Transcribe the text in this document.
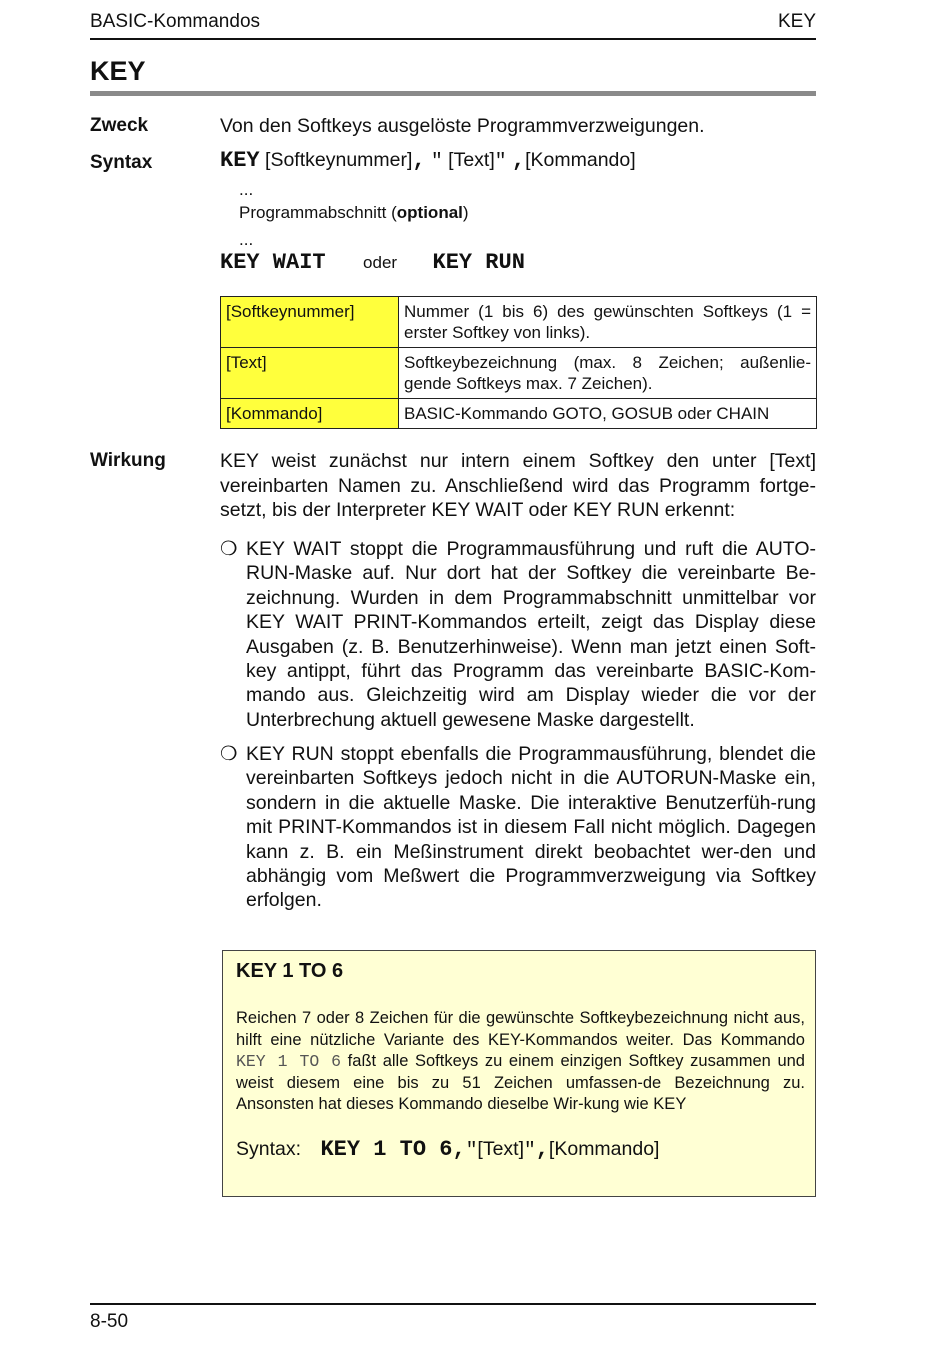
BASIC-Kommandos	KEY
KEY
Zweck	Von den Softkeys ausgelöste Programmverzweigungen.
Syntax	KEY [Softkeynummer], " [Text]" ,[Kommando]
...
Programmabschnitt (optional)
...
KEY WAIT oder KEY RUN
[Softkeynummer]	Nummer (1 bis 6) des gewünschten Softkeys (1 = erster Softkey von links).
[Text]	Softkeybezeichnung (max. 8 Zeichen; außenlie-gende Softkeys max. 7 Zeichen).
[Kommando]	BASIC-Kommando GOTO, GOSUB oder CHAIN
Wirkung	KEY weist zunächst nur intern einem Softkey den unter [Text] vereinbarten Namen zu. Anschließend wird das Programm fortge-setzt, bis der Interpreter KEY WAIT oder KEY RUN erkennt:
❍ KEY WAIT stoppt die Programmausführung und ruft die AUTO-RUN-Maske auf. Nur dort hat der Softkey die vereinbarte Be-zeichnung. Wurden in dem Programmabschnitt unmittelbar vor KEY WAIT PRINT-Kommandos erteilt, zeigt das Display diese Ausgaben (z. B. Benutzerhinweise). Wenn man jetzt einen Soft-key antippt, führt das Programm das vereinbarte BASIC-Kom-mando aus. Gleichzeitig wird am Display wieder die vor der Unterbrechung aktuell gewesene Maske dargestellt.
❍ KEY RUN stoppt ebenfalls die Programmausführung, blendet die vereinbarten Softkeys jedoch nicht in die AUTORUN-Maske ein, sondern in die aktuelle Maske. Die interaktive Benutzerfüh-rung mit PRINT-Kommandos ist in diesem Fall nicht möglich. Dagegen kann z. B. ein Meßinstrument direkt beobachtet wer-den und abhängig vom Meßwert die Programmverzweigung via Softkey erfolgen.
KEY 1 TO 6
Reichen 7 oder 8 Zeichen für die gewünschte Softkeybezeichnung nicht aus, hilft eine nützliche Variante des KEY-Kommandos weiter. Das Kommando KEY 1 TO 6 faßt alle Softkeys zu einem einzigen Softkey zusammen und weist diesem eine bis zu 51 Zeichen umfassen-de Bezeichnung zu. Ansonsten hat dieses Kommando dieselbe Wir-kung wie KEY
Syntax: KEY 1 TO 6,"[Text]",[Kommando]
8-50
